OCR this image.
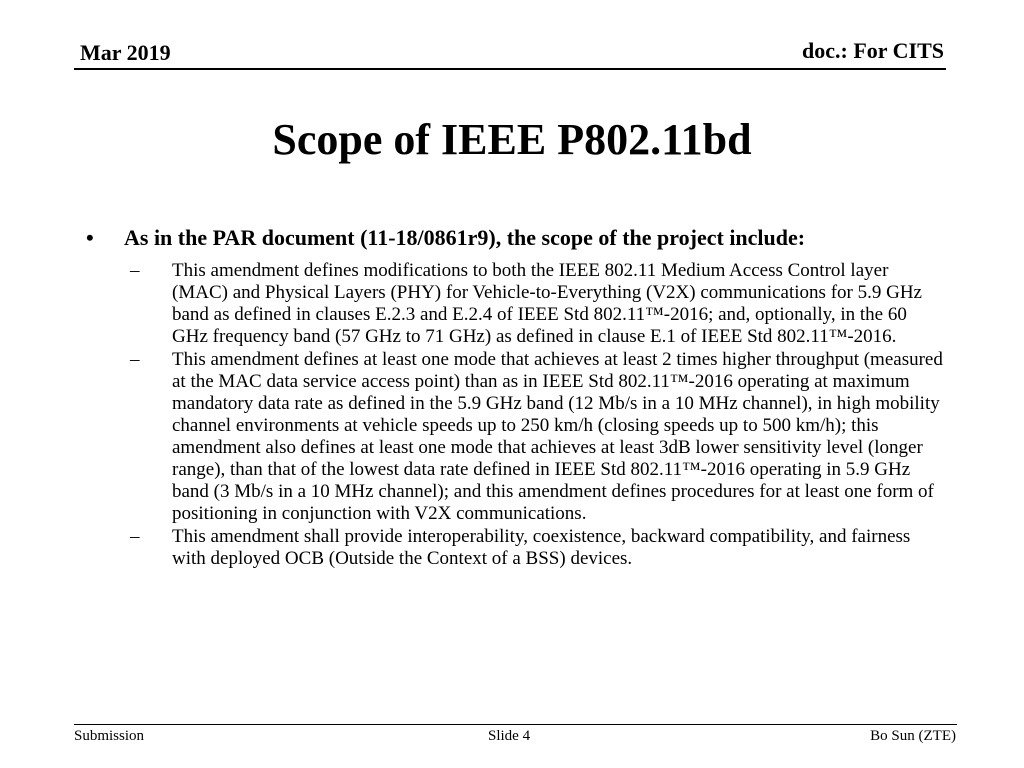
Mar 2019	doc.: For CITS
Scope of IEEE P802.11bd
•	As in the PAR document (11-18/0861r9), the scope of the project include:
–	This amendment defines modifications to both the IEEE 802.11 Medium Access Control layer (MAC) and Physical Layers (PHY) for Vehicle-to-Everything (V2X) communications for 5.9 GHz band as defined in clauses E.2.3 and E.2.4 of IEEE Std 802.11™-2016; and, optionally, in the 60 GHz frequency band (57 GHz to 71 GHz) as defined in clause E.1 of IEEE Std 802.11™-2016.
–	This amendment defines at least one mode that achieves at least 2 times higher throughput (measured at the MAC data service access point) than as in IEEE Std 802.11™-2016 operating at maximum mandatory data rate as defined in the 5.9 GHz band (12 Mb/s in a 10 MHz channel), in high mobility channel environments at vehicle speeds up to 250 km/h (closing speeds up to 500 km/h); this amendment also defines at least one mode that achieves at least 3dB lower sensitivity level (longer range), than that of the lowest data rate defined in IEEE Std 802.11™-2016 operating in 5.9 GHz band (3 Mb/s in a 10 MHz channel); and this amendment defines procedures for at least one form of positioning in conjunction with V2X communications.
–	This amendment shall provide interoperability, coexistence, backward compatibility, and fairness with deployed OCB (Outside the Context of a BSS) devices.
Submission	Slide 4	Bo Sun (ZTE)
